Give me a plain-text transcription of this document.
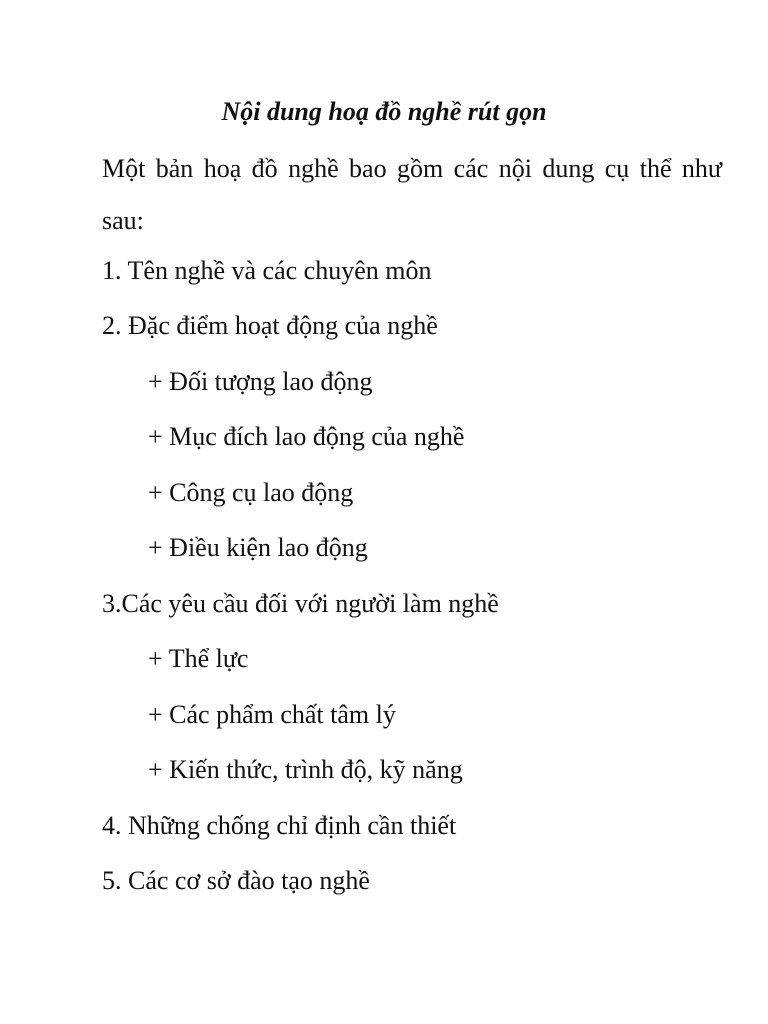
Nội dung hoạ đồ nghề rút gọn
Một bản hoạ đồ nghề bao gồm các nội dung cụ thể như sau:
1. Tên nghề và các chuyên môn
2. Đặc điểm hoạt động của nghề
+ Đối tượng lao động
+ Mục đích lao động của nghề
+ Công cụ lao động
+ Điều kiện lao động
3.Các yêu cầu đối với người làm nghề
+ Thể lực
+ Các phẩm chất tâm lý
+ Kiến thức, trình độ, kỹ năng
4. Những chống chỉ định cần thiết
5. Các cơ sở đào tạo nghề
